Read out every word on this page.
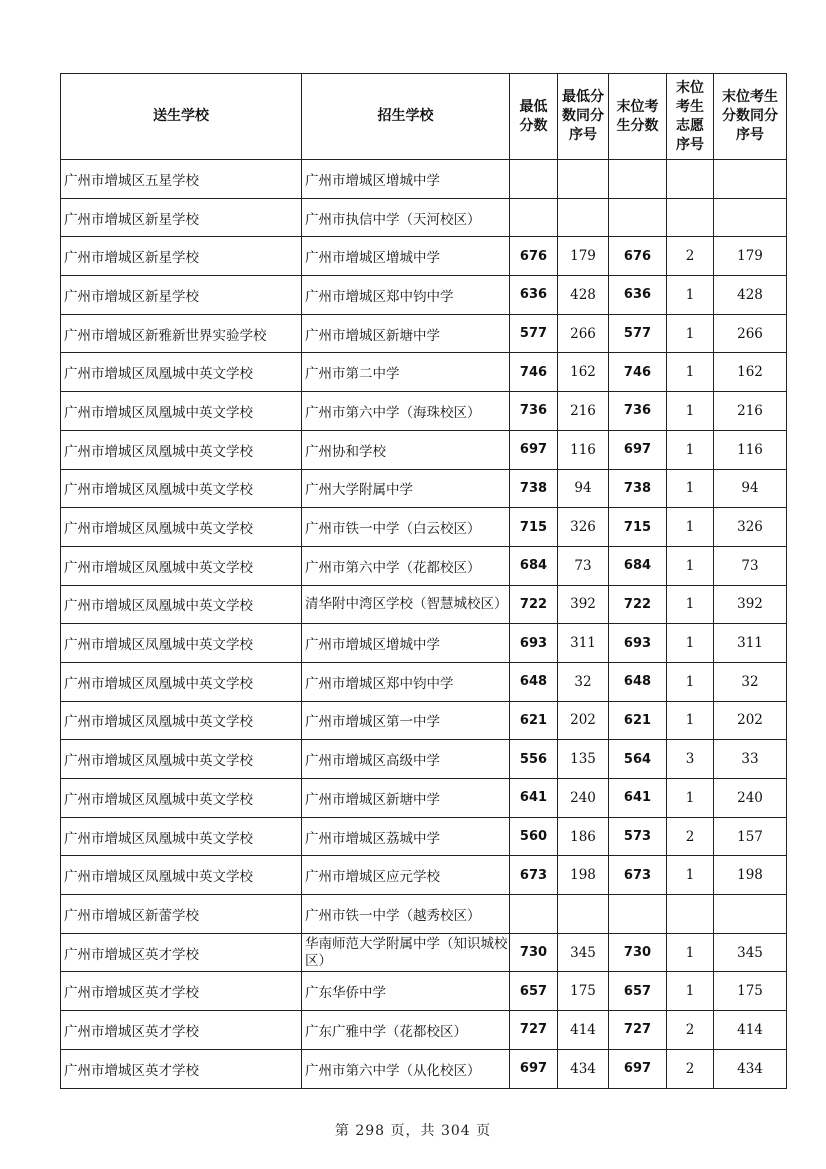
送生学校	招生学校	最低分数	最低分数同分序号	末位考生分数	末位考生志愿序号	末位考生分数同分序号

广州市增城区五星学校	广州市增城区增城中学					
广州市增城区新星学校	广州市执信中学（天河校区）					
广州市增城区新星学校	广州市增城区增城中学	676	179	676	2	179
广州市增城区新星学校	广州市增城区郑中钧中学	636	428	636	1	428
广州市增城区新雅新世界实验学校	广州市增城区新塘中学	577	266	577	1	266
广州市增城区凤凰城中英文学校	广州市第二中学	746	162	746	1	162
广州市增城区凤凰城中英文学校	广州市第六中学（海珠校区）	736	216	736	1	216
广州市增城区凤凰城中英文学校	广州协和学校	697	116	697	1	116
广州市增城区凤凰城中英文学校	广州大学附属中学	738	94	738	1	94
广州市增城区凤凰城中英文学校	广州市铁一中学（白云校区）	715	326	715	1	326
广州市增城区凤凰城中英文学校	广州市第六中学（花都校区）	684	73	684	1	73
广州市增城区凤凰城中英文学校	清华附中湾区学校（智慧城校区）	722	392	722	1	392
广州市增城区凤凰城中英文学校	广州市增城区增城中学	693	311	693	1	311
广州市增城区凤凰城中英文学校	广州市增城区郑中钧中学	648	32	648	1	32
广州市增城区凤凰城中英文学校	广州市增城区第一中学	621	202	621	1	202
广州市增城区凤凰城中英文学校	广州市增城区高级中学	556	135	564	3	33
广州市增城区凤凰城中英文学校	广州市增城区新塘中学	641	240	641	1	240
广州市增城区凤凰城中英文学校	广州市增城区荔城中学	560	186	573	2	157
广州市增城区凤凰城中英文学校	广州市增城区应元学校	673	198	673	1	198
广州市增城区新蕾学校	广州市铁一中学（越秀校区）					
广州市增城区英才学校	华南师范大学附属中学（知识城校区）	730	345	730	1	345
广州市增城区英才学校	广东华侨中学	657	175	657	1	175
广州市增城区英才学校	广东广雅中学（花都校区）	727	414	727	2	414
广州市增城区英才学校	广州市第六中学（从化校区）	697	434	697	2	434
第 298 页，共 304 页
